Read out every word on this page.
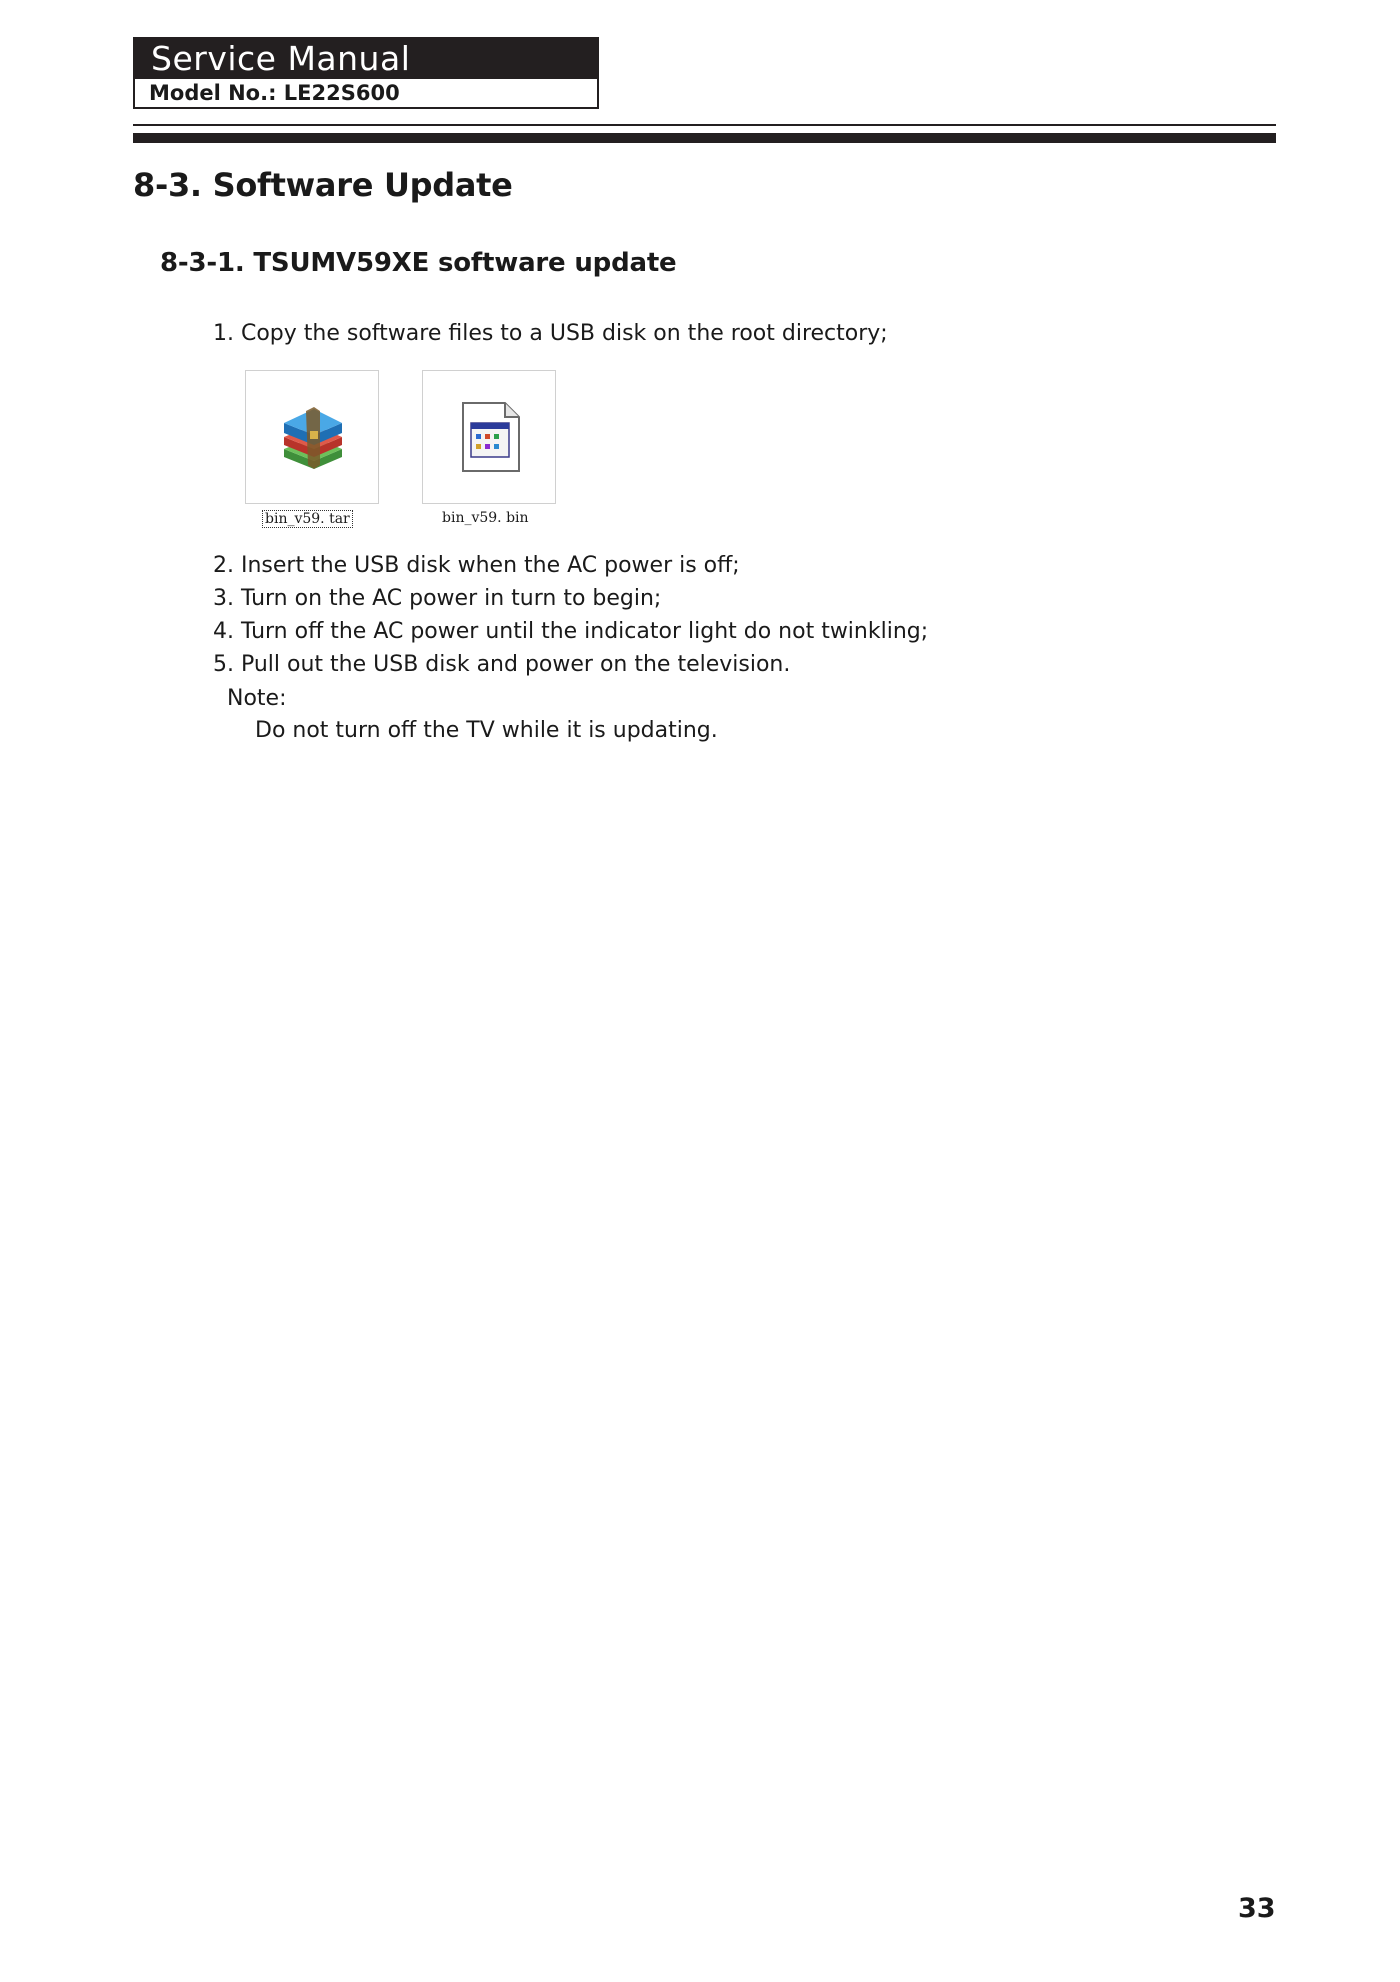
Service Manual
Model No.: LE22S600
8-3. Software Update
8-3-1. TSUMV59XE software update
1. Copy the software files to a USB disk on the root directory;
bin_v59. tar	bin_v59. bin
2. Insert the USB disk when the AC power is off;
3. Turn on the AC power in turn to begin;
4. Turn off the AC power until the indicator light do not twinkling;
5. Pull out the USB disk and power on the television.
Note:
Do not turn off the TV while it is updating.
33
